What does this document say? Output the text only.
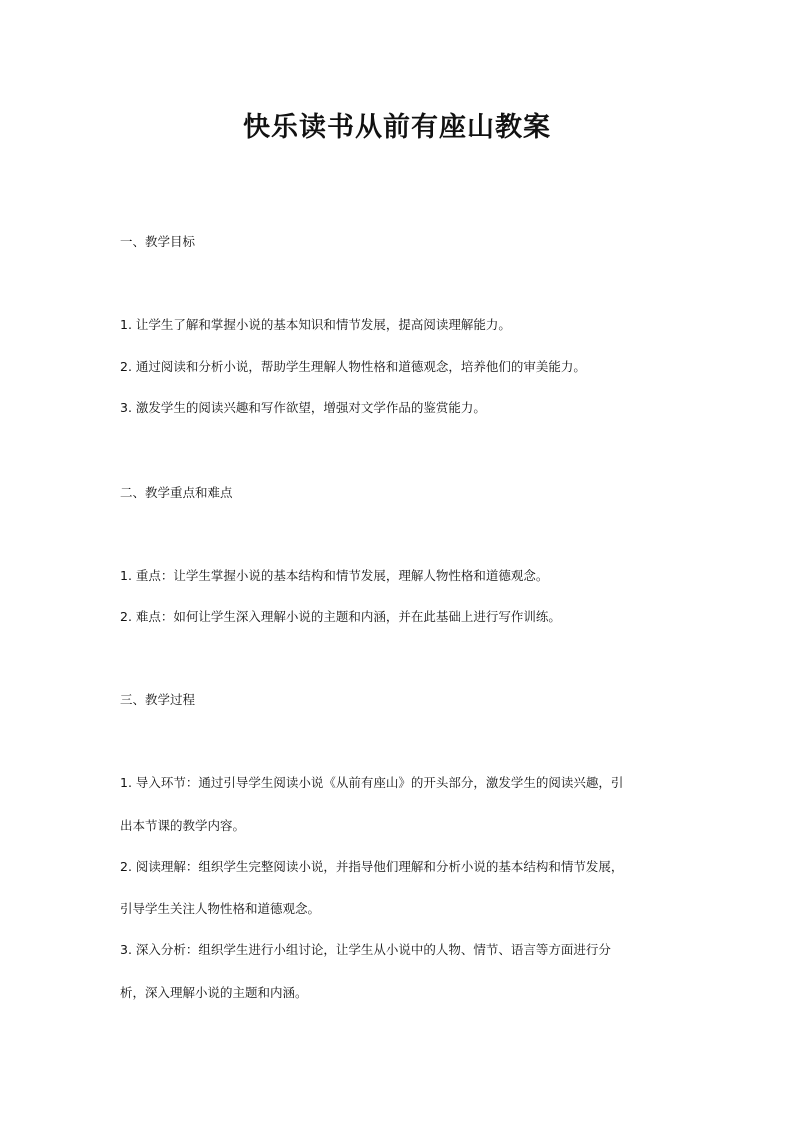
快乐读书从前有座山教案

一、教学目标

1. 让学生了解和掌握小说的基本知识和情节发展，提高阅读理解能力。

2. 通过阅读和分析小说，帮助学生理解人物性格和道德观念，培养他们的审美能力。

3. 激发学生的阅读兴趣和写作欲望，增强对文学作品的鉴赏能力。

二、教学重点和难点

1. 重点：让学生掌握小说的基本结构和情节发展，理解人物性格和道德观念。

2. 难点：如何让学生深入理解小说的主题和内涵，并在此基础上进行写作训练。

三、教学过程

1. 导入环节：通过引导学生阅读小说《从前有座山》的开头部分，激发学生的阅读兴趣，引

出本节课的教学内容。

2. 阅读理解：组织学生完整阅读小说，并指导他们理解和分析小说的基本结构和情节发展，

引导学生关注人物性格和道德观念。

3. 深入分析：组织学生进行小组讨论，让学生从小说中的人物、情节、语言等方面进行分

析，深入理解小说的主题和内涵。
